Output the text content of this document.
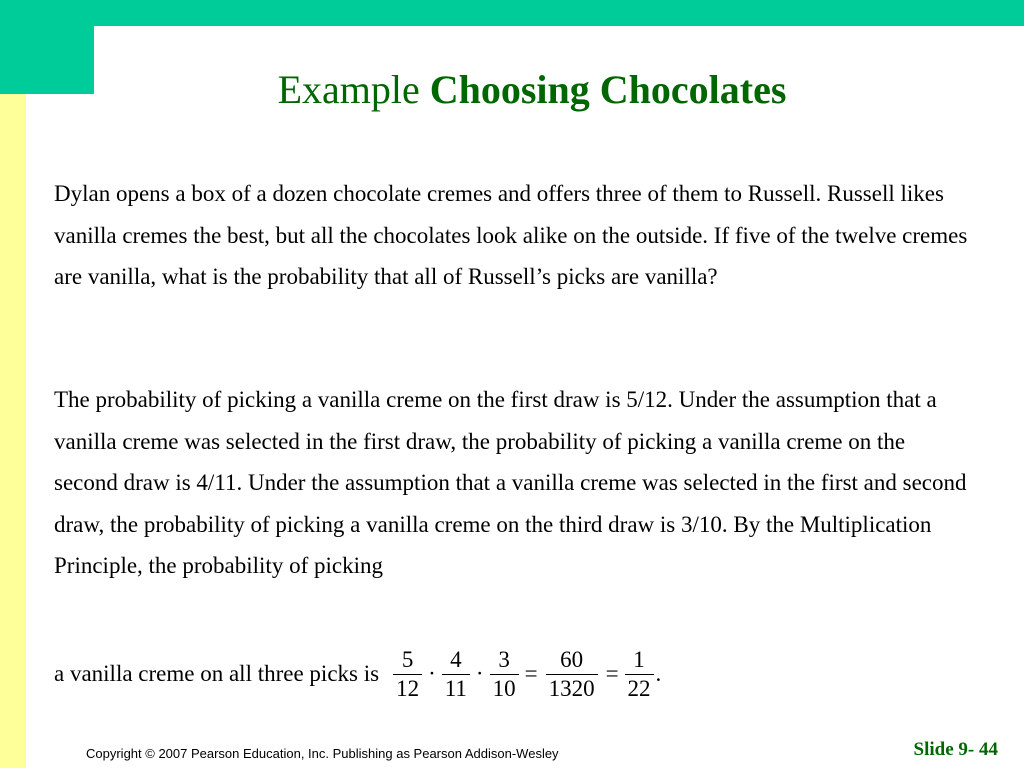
Example Choosing Chocolates

Dylan opens a box of a dozen chocolate cremes and offers three of them to Russell. Russell likes vanilla cremes the best, but all the chocolates look alike on the outside. If five of the twelve cremes are vanilla, what is the probability that all of Russell’s picks are vanilla?

The probability of picking a vanilla creme on the first draw is 5/12. Under the assumption that a vanilla creme was selected in the first draw, the probability of picking a vanilla creme on the second draw is 4/11. Under the assumption that a vanilla creme was selected in the first and second draw, the probability of picking a vanilla creme on the third draw is 3/10. By the Multiplication Principle, the probability of picking

a vanilla creme on all three picks is $\frac{5}{12} \cdot \frac{4}{11} \cdot \frac{3}{10} = \frac{60}{1320} = \frac{1}{22}$ .
Copyright © 2007 Pearson Education, Inc. Publishing as Pearson Addison-Wesley	Slide 9- 44
